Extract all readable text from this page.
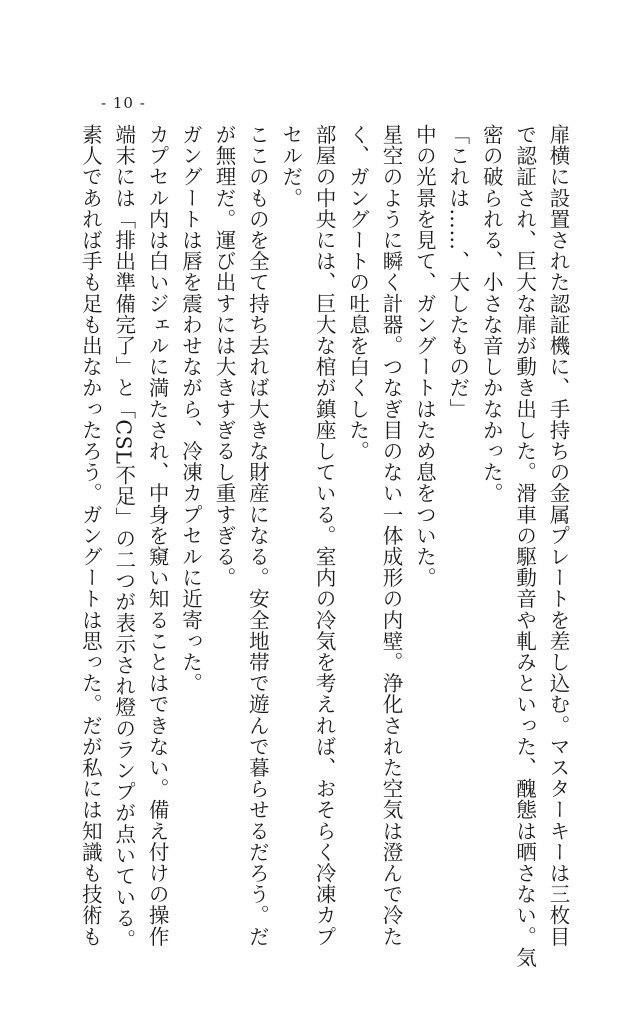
- 10 -

扉横に設置された認証機に、手持ちの金属プレートを差し込む。マスターキーは三枚目

で認証され、巨大な扉が動き出した。滑車の駆動音や軋みといった、醜態は晒さない。気

密の破られる、小さな音しかなかった。

「これは……、大したものだ」

中の光景を見て、ガングートはため息をついた。

星空のように瞬く計器。つなぎ目のない一体成形の内壁。浄化された空気は澄んで冷た

く、ガングートの吐息を白くした。

部屋の中央には、巨大な棺が鎮座している。室内の冷気を考えれば、おそらく冷凍カプ

セルだ。

ここのものを全て持ち去れば大きな財産になる。安全地帯で遊んで暮らせるだろう。だ

が無理だ。運び出すには大きすぎるし重すぎる。

ガングートは唇を震わせながら、冷凍カプセルに近寄った。

カプセル内は白いジェルに満たされ、中身を窺い知ることはできない。備え付けの操作

端末には「排出準備完了」と「CSL不足」の二つが表示され燈のランプが点いている。

素人であれば手も足も出なかったろう。ガングートは思った。だが私には知識も技術も
